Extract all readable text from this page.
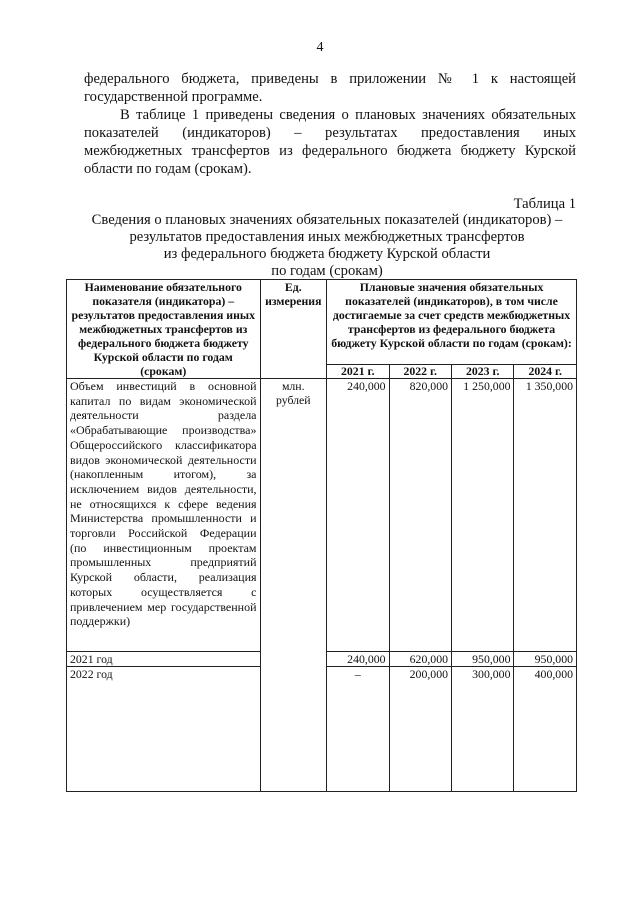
4
федерального бюджета, приведены в приложении № 1 к настоящей государственной программе.
В таблице 1 приведены сведения о плановых значениях обязательных показателей (индикаторов) – результатах предоставления иных межбюджетных трансфертов из федерального бюджета бюджету Курской области по годам (срокам).
Таблица 1
Сведения о плановых значениях обязательных показателей (индикаторов) –
результатов предоставления иных межбюджетных трансфертов
из федерального бюджета бюджету Курской области
по годам (срокам)
Наименование обязательного показателя (индикатора) – результатов предоставления иных межбюджетных трансфертов из федерального бюджета бюджету Курской области по годам (срокам)	Ед. измерения	Плановые значения обязательных показателей (индикаторов), в том числе достигаемые за счет средств межбюджетных трансфертов из федерального бюджета бюджету Курской области по годам (срокам):			
		2021 г.	2022 г.	2023 г.	2024 г.
Объем инвестиций в основной капитал по видам экономической деятельности раздела «Обрабатывающие производства» Общероссийского классификатора видов экономической деятельности (накопленным итогом), за исключением видов деятельности, не относящихся к сфере ведения Министерства промышленности и торговли Российской Федерации (по инвестиционным проектам промышленных предприятий Курской области, реализация которых осуществляется с привлечением мер государственной поддержки)	млн. рублей	240,000	820,000	1 250,000	1 350,000
2021 год		240,000	620,000	950,000	950,000
2022 год		–	200,000	300,000	400,000
